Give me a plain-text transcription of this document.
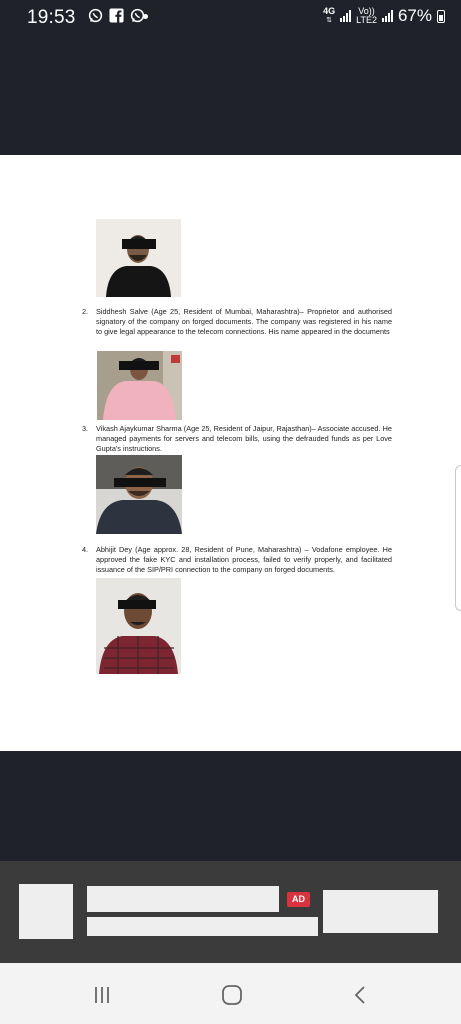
19:53	4G
⇅
Vo))
LTE2 67%
2. Siddhesh Salve (Age 25, Resident of Mumbai, Maharashtra)– Proprietor and authorised signatory of the company on forged documents. The company was registered in his name to give legal appearance to the telecom connections. His name appeared in the documents
3. Vikash Ajaykumar Sharma (Age 25, Resident of Jaipur, Rajasthan)– Associate accused. He managed payments for servers and telecom bills, using the defrauded funds as per Love Gupta's instructions.
4. Abhijit Dey (Age approx. 28, Resident of Pune, Maharashtra) – Vodafone employee. He approved the fake KYC and installation process, failed to verify properly, and facilitated issuance of the SIP/PRI connection to the company on forged documents.
AD
